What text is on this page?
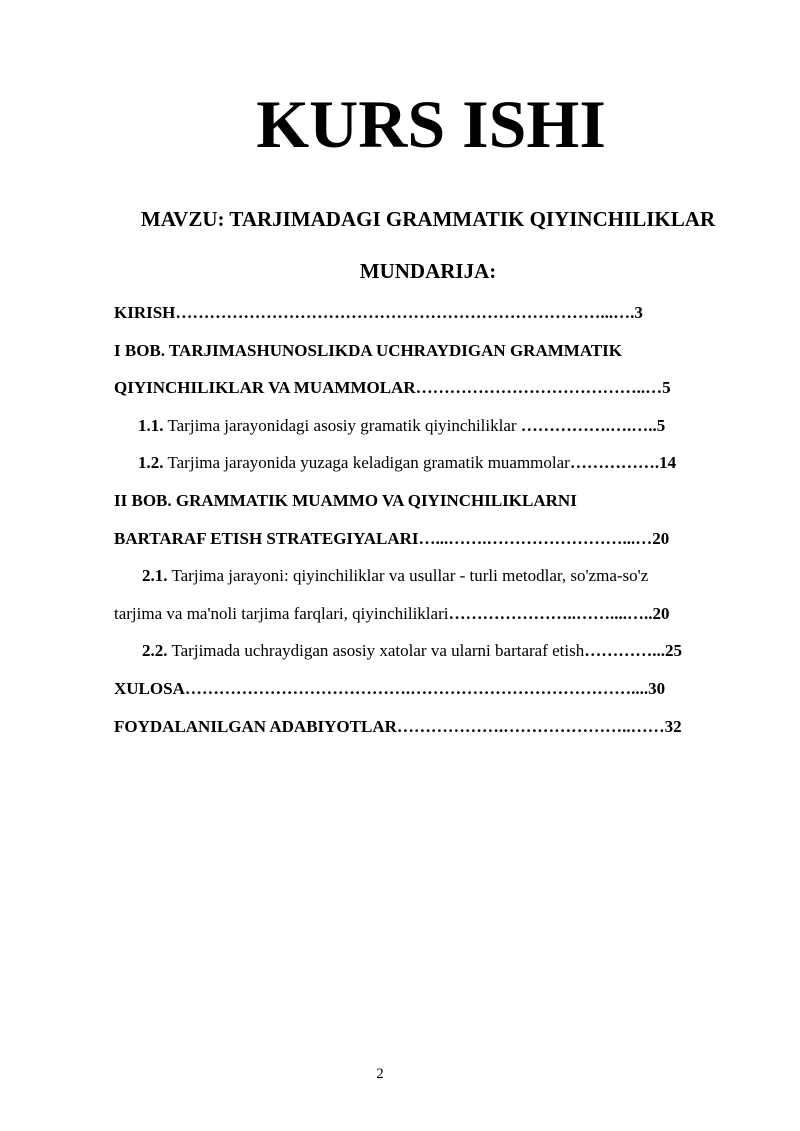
KURS ISHI
MAVZU: TARJIMADAGI GRAMMATIK QIYINCHILIKLAR
MUNDARIJA:
KIRISH…………………………………………………………………...….3
I BOB. TARJIMASHUNOSLIKDA UCHRAYDIGAN GRAMMATIK
QIYINCHILIKLAR VA MUAMMOLAR…………………………………..…5
1.1. Tarjima jarayonidagi asosiy gramatik qiyinchiliklar …………….….…..5
1.2. Tarjima jarayonida yuzaga keladigan gramatik muammolar…………….14
II BOB. GRAMMATIK MUAMMO VA QIYINCHILIKLARNI
BARTARAF ETISH STRATEGIYALARI…...…….……………………...…20
2.1. Tarjima jarayoni: qiyinchiliklar va usullar - turli metodlar, so'zma-so'z
tarjima va ma'noli tarjima farqlari, qiyinchiliklari…………………..……....…..20
2.2. Tarjimada uchraydigan asosiy xatolar va ularni bartaraf etish…………...25
XULOSA………………………………….…………………………………....30
FOYDALANILGAN ADABIYOTLAR……………….…………………..……32
2
